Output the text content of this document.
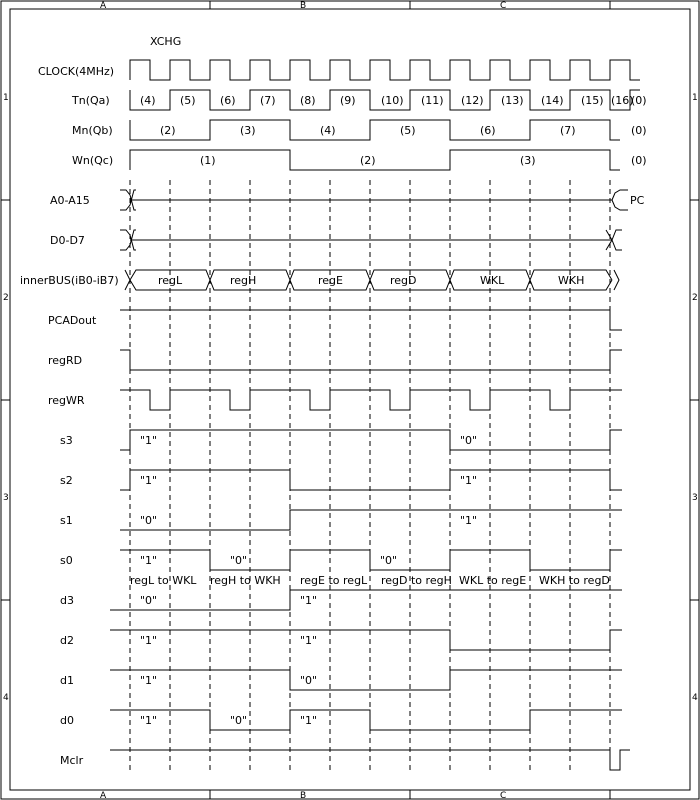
A	B	C
A	B	C
1
2
3
4
1
2
3
4
XCHG
CLOCK(4MHz)
Tn(Qa)
Mn(Qb)
Wn(Qc)
A0-A15
D0-D7
innerBUS(iB0-iB7)
PCADout
regRD
regWR
s3
s2
s1
s0
d3
d2
d1
d0
Mclr
(4) (5) (6) (7) (8) (9) (10) (11) (12) (13) (14) (15) (16)
(0)
(2)	(3)	(4)	(5)	(6)	(7)	(0)
(1)	(2)	(3)	(0)
PC
regL	regH	regE	regD	WKL	WKH
"1"	"0"
"1"	"1"
"0"	"1"
"1"	"0"	"0"
regL to WKL regH to WKH regE to regL regD to regH WKL to regE WKH to regD
"0"	"1"
"1"	"1"
"1"	"0"
"1"	"0"	"1"
